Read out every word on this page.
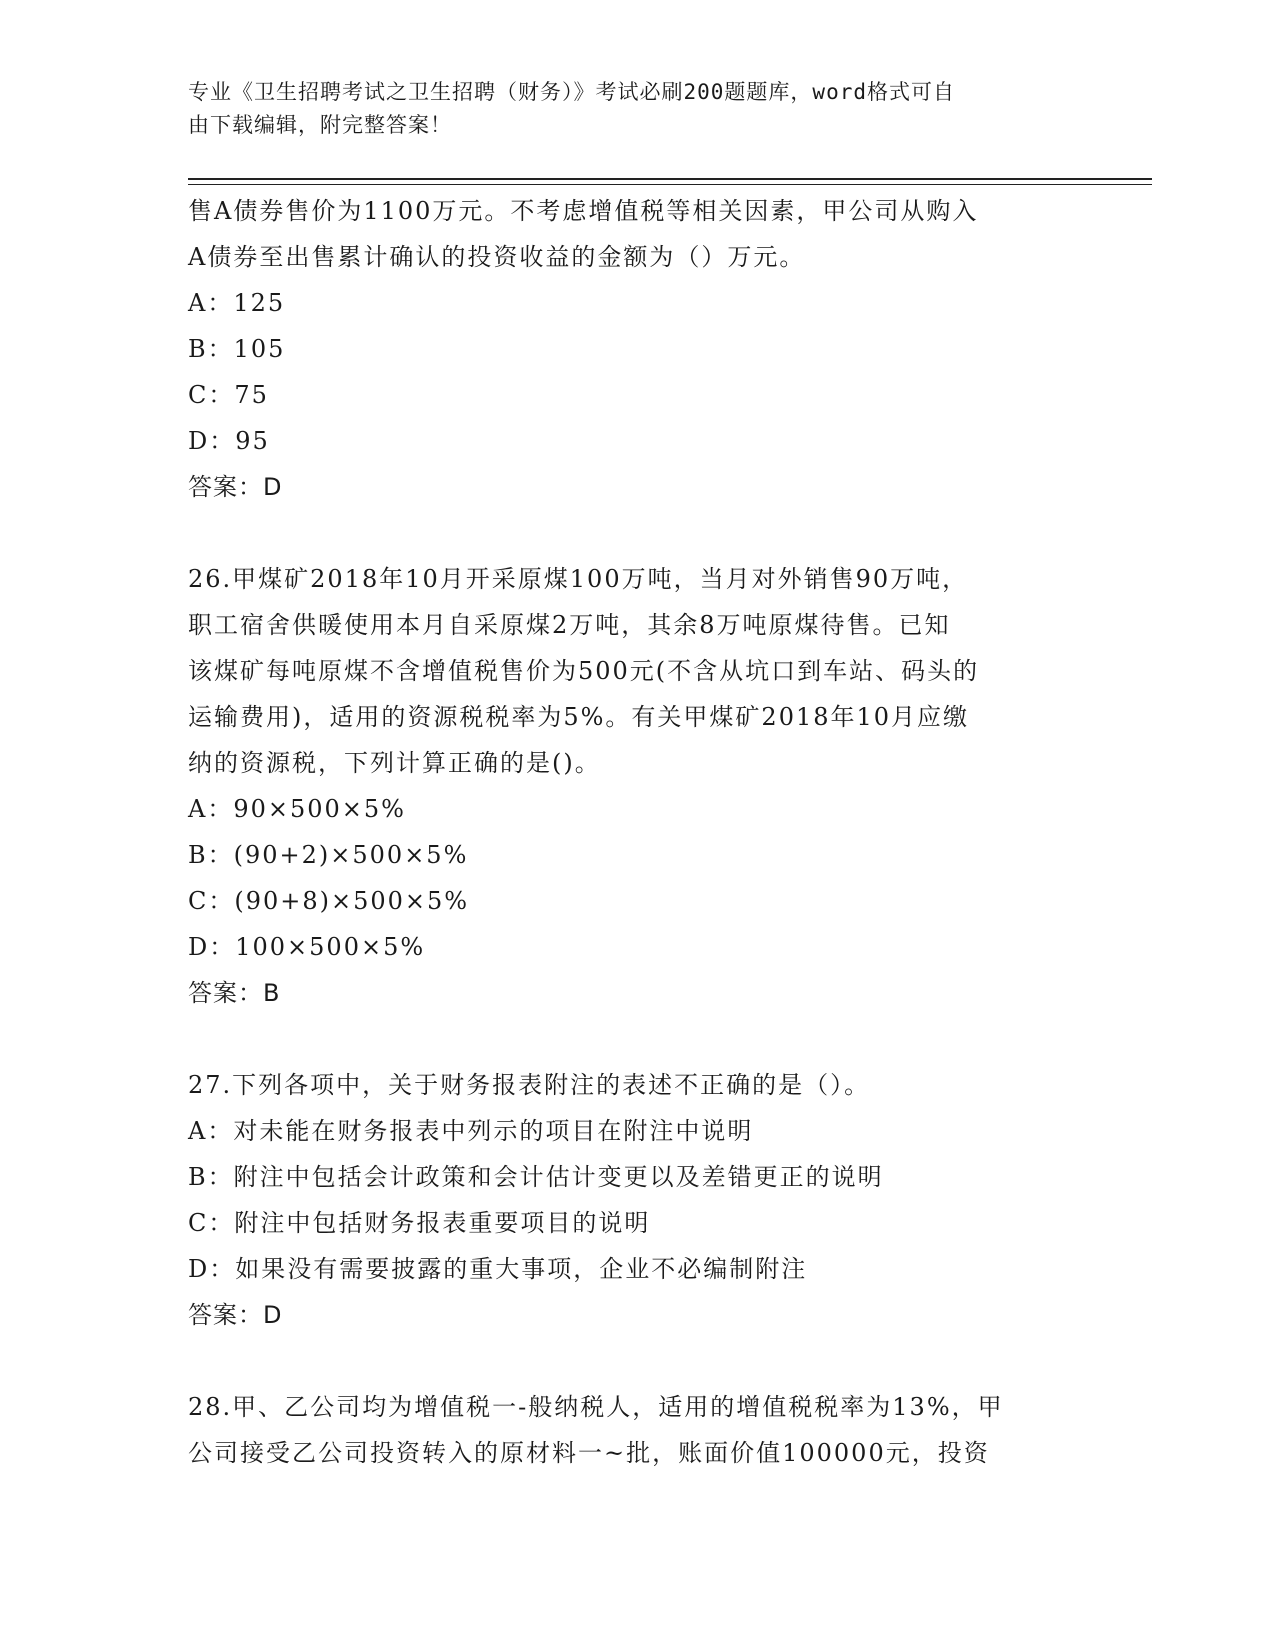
专业《卫生招聘考试之卫生招聘（财务）》考试必刷200题题库，word格式可自
由下载编辑，附完整答案！
售A债券售价为1100万元。不考虑增值税等相关因素，甲公司从购入
A债券至出售累计确认的投资收益的金额为（）万元。
A：125
B：105
C：75
D：95
答案：D
26.甲煤矿2018年10月开采原煤100万吨，当月对外销售90万吨，
职工宿舍供暖使用本月自采原煤2万吨，其余8万吨原煤待售。已知
该煤矿每吨原煤不含增值税售价为500元(不含从坑口到车站、码头的
运输费用)，适用的资源税税率为5%。有关甲煤矿2018年10月应缴
纳的资源税，下列计算正确的是()。
A：90×500×5%
B：(90+2)×500×5%
C：(90+8)×500×5%
D：100×500×5%
答案：B
27.下列各项中，关于财务报表附注的表述不正确的是（）。
A：对未能在财务报表中列示的项目在附注中说明
B：附注中包括会计政策和会计估计变更以及差错更正的说明
C：附注中包括财务报表重要项目的说明
D：如果没有需要披露的重大事项，企业不必编制附注
答案：D
28.甲、乙公司均为增值税一-般纳税人，适用的增值税税率为13%，甲
公司接受乙公司投资转入的原材料一~批，账面价值100000元，投资
